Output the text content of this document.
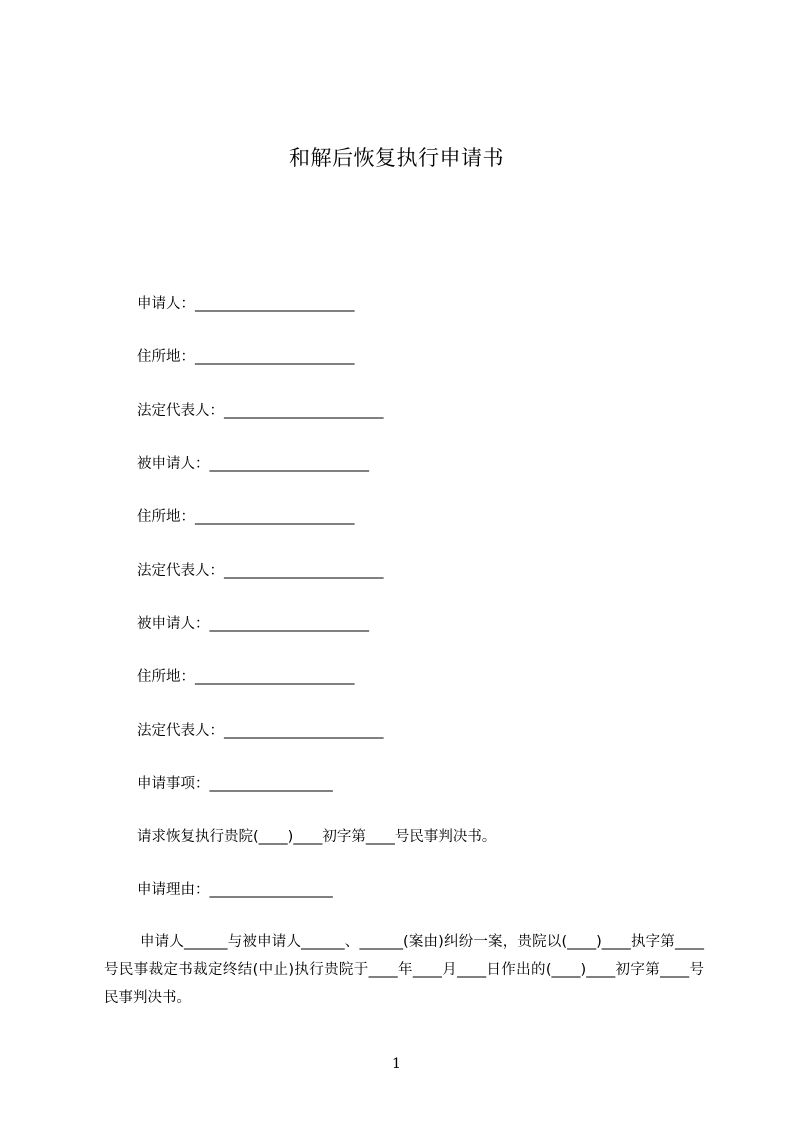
和解后恢复执行申请书
申请人：______________________
住所地：______________________
法定代表人：______________________
被申请人：______________________
住所地：______________________
法定代表人：______________________
被申请人：______________________
住所地：______________________
法定代表人：______________________
申请事项：_________________
请求恢复执行贵院(____)____初字第____号民事判决书。
申请理由：_________________
申请人______与被申请人______、______(案由)纠纷一案，贵院以(____)____执字第____号民事裁定书裁定终结(中止)执行贵院于____年____月____日作出的(____)____初字第____号民事判决书。
1
